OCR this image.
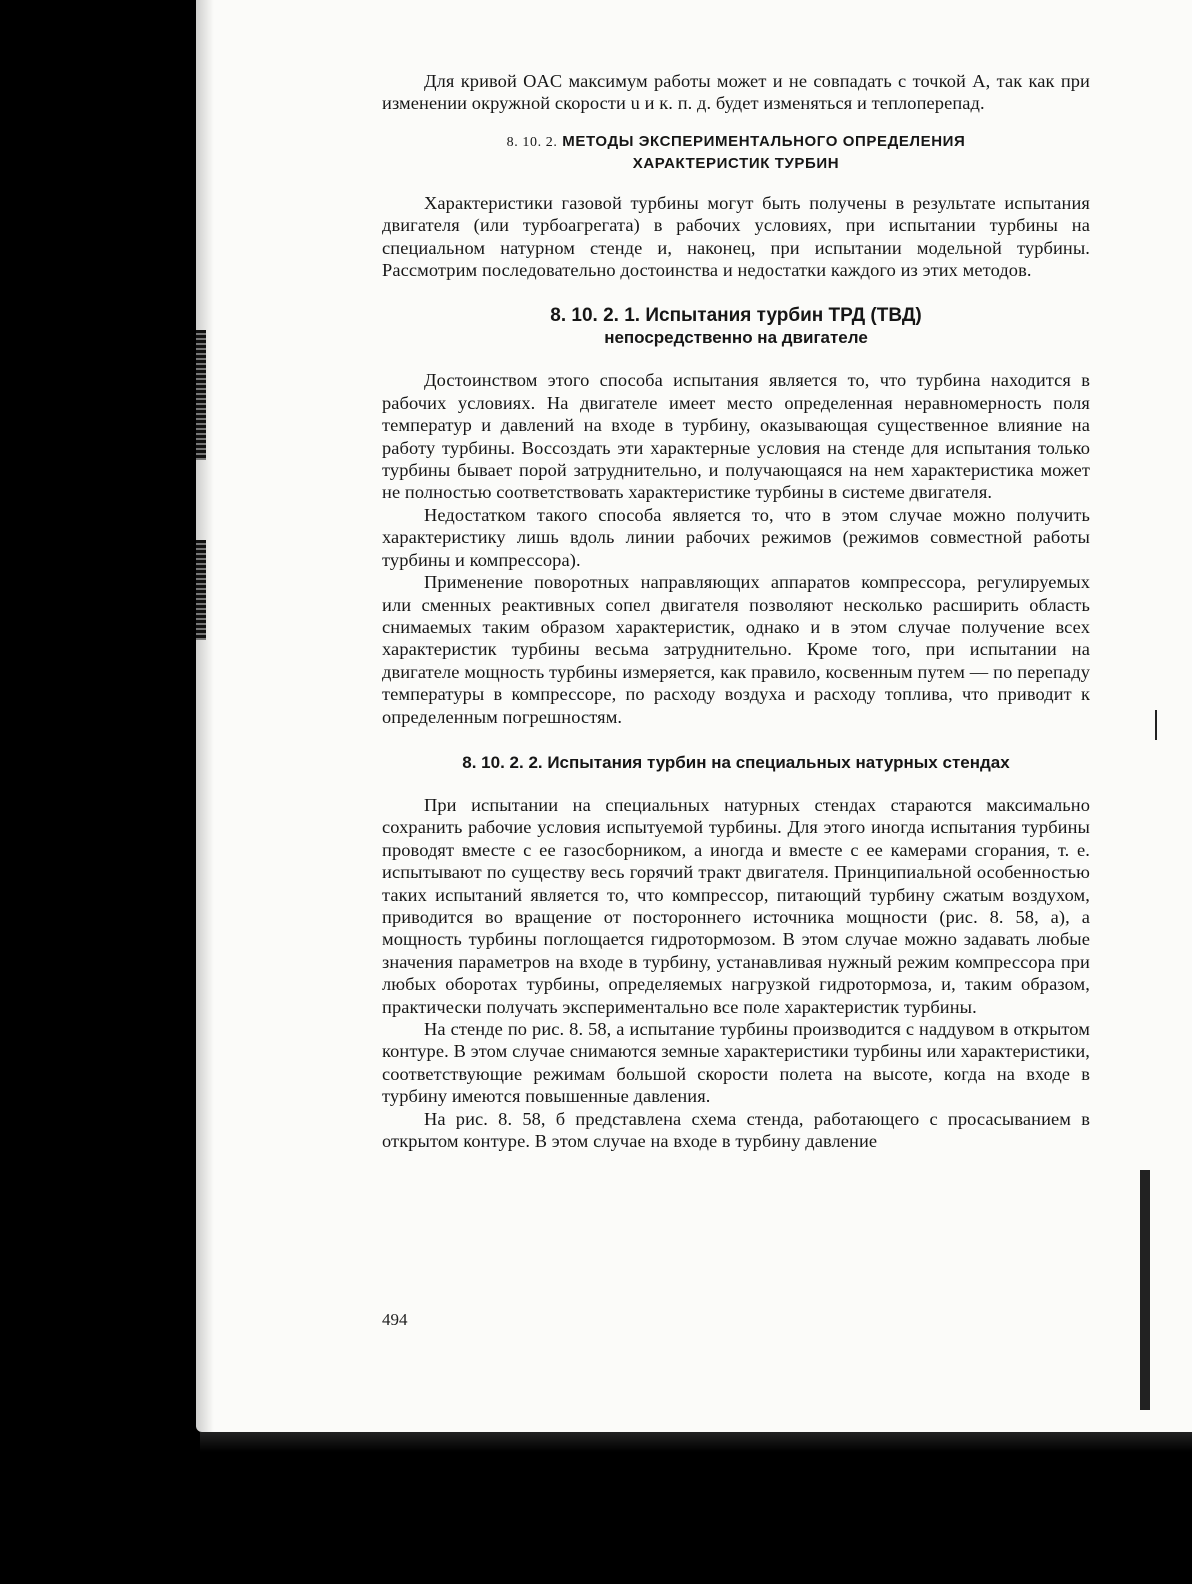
Для кривой OAC максимум работы может и не совпадать с точкой A, так как при изменении окружной скорости u и к. п. д. будет изменяться и теплоперепад.

8. 10. 2. МЕТОДЫ ЭКСПЕРИМЕНТАЛЬНОГО ОПРЕДЕЛЕНИЯ
ХАРАКТЕРИСТИК ТУРБИН

Характеристики газовой турбины могут быть получены в результате испытания двигателя (или турбоагрегата) в рабочих условиях, при испытании турбины на специальном натурном стенде и, наконец, при испытании модельной турбины. Рассмотрим последовательно достоинства и недостатки каждого из этих методов.

8. 10. 2. 1. Испытания турбин ТРД (ТВД)
непосредственно на двигателе

Достоинством этого способа испытания является то, что турбина находится в рабочих условиях. На двигателе имеет место определенная неравномерность поля температур и давлений на входе в турбину, оказывающая существенное влияние на работу турбины. Воссоздать эти характерные условия на стенде для испытания только турбины бывает порой затруднительно, и получающаяся на нем характеристика может не полностью соответствовать характеристике турбины в системе двигателя.

Недостатком такого способа является то, что в этом случае можно получить характеристику лишь вдоль линии рабочих режимов (режимов совместной работы турбины и компрессора).

Применение поворотных направляющих аппаратов компрессора, регулируемых или сменных реактивных сопел двигателя позволяют несколько расширить область снимаемых таким образом характеристик, однако и в этом случае получение всех характеристик турбины весьма затруднительно. Кроме того, при испытании на двигателе мощность турбины измеряется, как правило, косвенным путем — по перепаду температуры в компрессоре, по расходу воздуха и расходу топлива, что приводит к определенным погрешностям.

8. 10. 2. 2. Испытания турбин на специальных натурных стендах

При испытании на специальных натурных стендах стараются максимально сохранить рабочие условия испытуемой турбины. Для этого иногда испытания турбины проводят вместе с ее газосборником, а иногда и вместе с ее камерами сгорания, т. е. испытывают по существу весь горячий тракт двигателя. Принципиальной особенностью таких испытаний является то, что компрессор, питающий турбину сжатым воздухом, приводится во вращение от постороннего источника мощности (рис. 8. 58, a), а мощность турбины поглощается гидротормозом. В этом случае можно задавать любые значения параметров на входе в турбину, устанавливая нужный режим компрессора при любых оборотах турбины, определяемых нагрузкой гидротормоза, и, таким образом, практически получать экспериментально все поле характеристик турбины.

На стенде по рис. 8. 58, a испытание турбины производится с наддувом в открытом контуре. В этом случае снимаются земные характеристики турбины или характеристики, соответствующие режимам большой скорости полета на высоте, когда на входе в турбину имеются повышенные давления.

На рис. 8. 58, б представлена схема стенда, работающего с просасыванием в открытом контуре. В этом случае на входе в турбину давление

494
